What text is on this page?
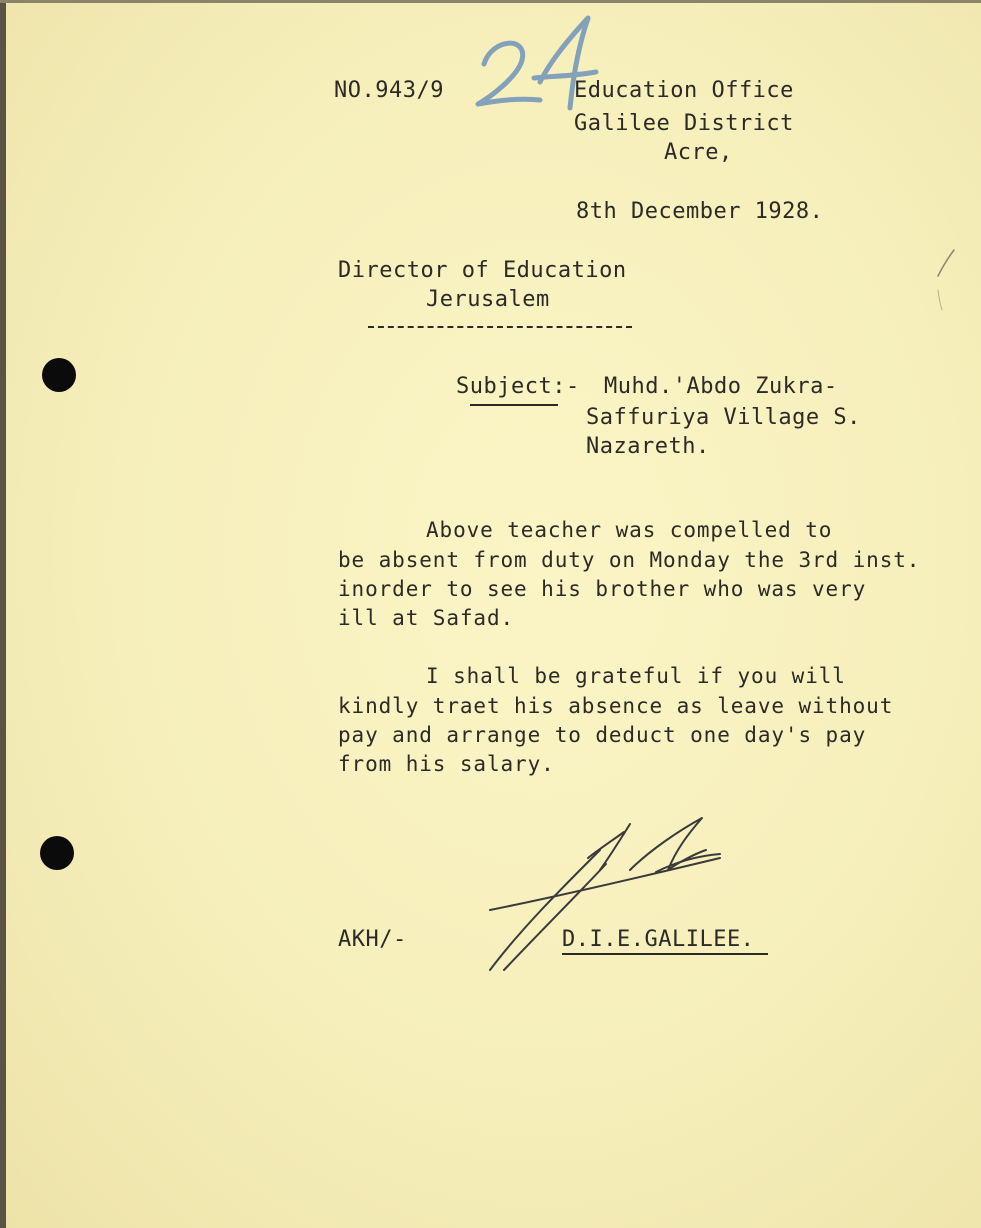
NO.943/9	Education Office
Galilee District
Acre,
8th December 1928.
Director of Education
Jerusalem
Subject:- Muhd.'Abdo Zukra-
Saffuriya Village S.
Nazareth.
Above teacher was compelled to
be absent from duty on Monday the 3rd inst.
inorder to see his brother who was very
ill at Safad.
I shall be grateful if you will
kindly traet his absence as leave without
pay and arrange to deduct one day's pay
from his salary.
AKH/-	D.I.E.GALILEE.
